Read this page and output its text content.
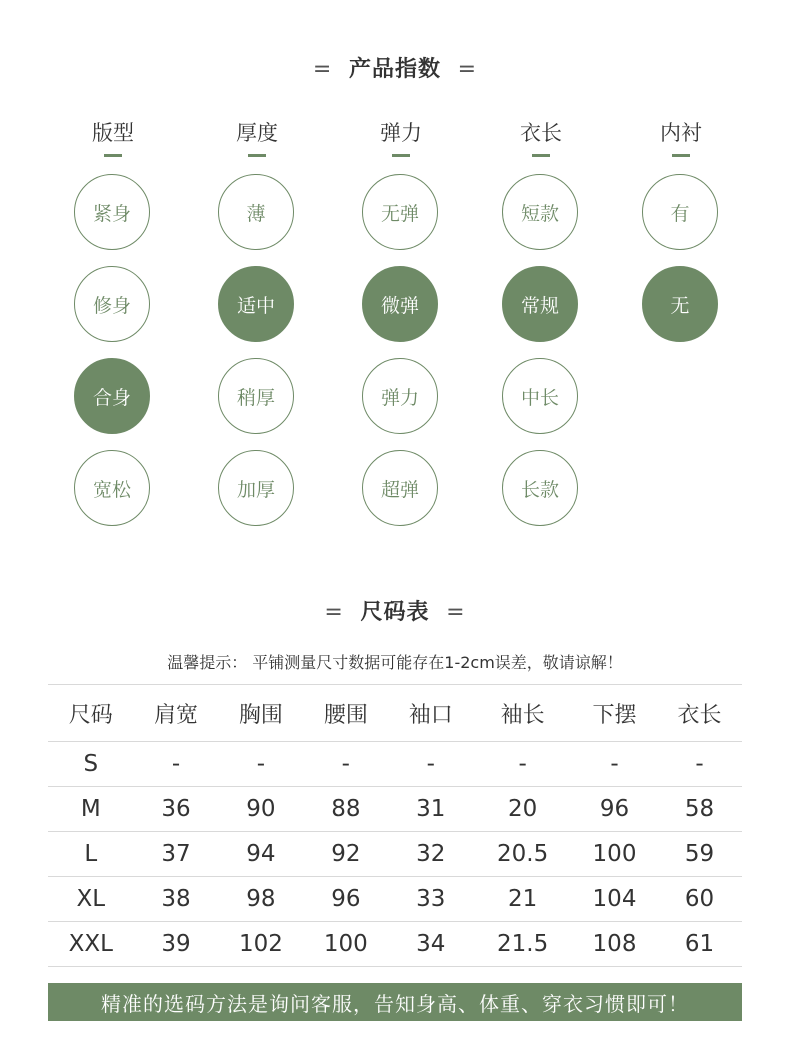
= 产品指数 =
版型
紧身
修身
合身
宽松
厚度
薄
适中
稍厚
加厚
弹力
无弹
微弹
弹力
超弹
衣长
短款
常规
中长
长款
内衬
有
无
= 尺码表 =
温馨提示： 平铺测量尺寸数据可能存在1-2cm误差，敬请谅解！
尺码	肩宽	胸围	腰围	袖口	袖长	下摆	衣长
S	-	-	-	-	-	-	-
M	36	90	88	31	20	96	58
L	37	94	92	32	20.5	100	59
XL	38	98	96	33	21	104	60
XXL	39	102	100	34	21.5	108	61
精准的选码方法是询问客服，告知身高、体重、穿衣习惯即可！
